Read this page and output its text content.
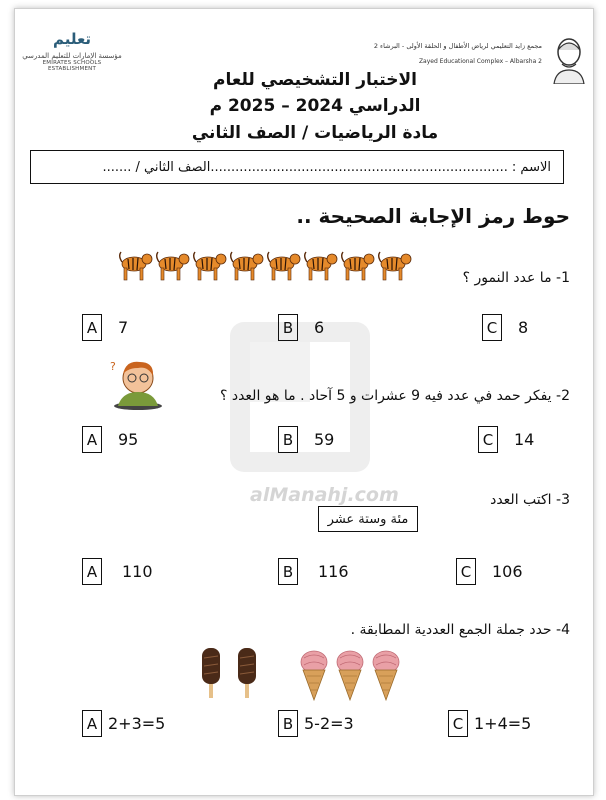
تعليم
مؤسسة الإمارات للتعليم المدرسي
EMIRATES SCHOOLS ESTABLISHMENT
مجمع زايد التعليمي لرياض الأطفال و الحلقة الأولى - البرشاء 2
Zayed Educational Complex – Albarsha 2
الاختبار التشخيصي للعام
الدراسي 2024 – 2025 م
مادة الرياضيات / الصف الثاني
الاسم :
...............................................................
.........
الصف الثاني / .......
حوط رمز الإجابة الصحيحة ..
alManahj.com
1- ما عدد النمور ؟
A	7	B	6	C 8
?
2- يفكر حمد في عدد فيه 9 عشرات و 5 آحاد . ما هو العدد ؟
A	95	B	59	C 14
3- اكتب العدد
مئة وستة عشر
A	110	B	116	C 106
4- حدد جملة الجمع العددية المطابقة .
A 2+3=5	B 5-2=3	C 1+4=5
